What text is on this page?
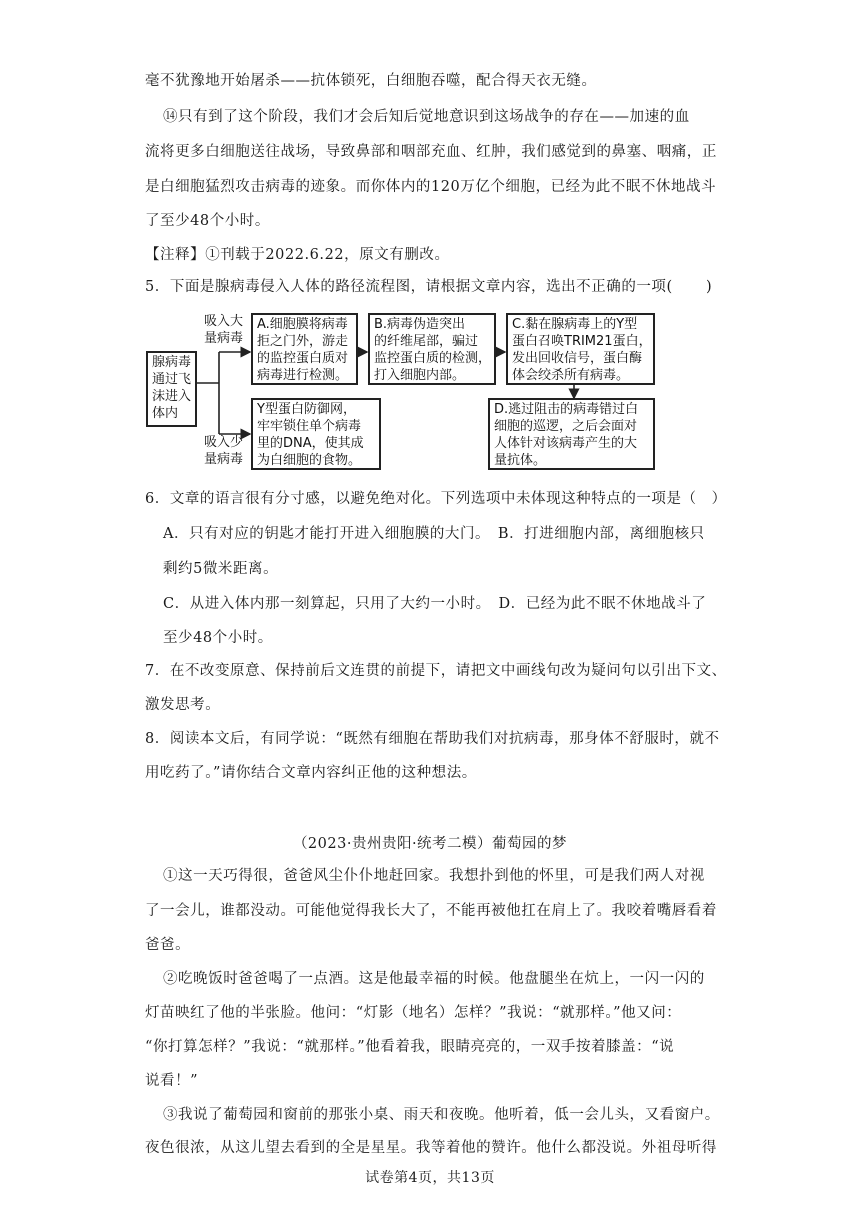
毫不犹豫地开始屠杀——抗体锁死，白细胞吞噬，配合得天衣无缝。
⑭只有到了这个阶段，我们才会后知后觉地意识到这场战争的存在——加速的血
流将更多白细胞送往战场，导致鼻部和咽部充血、红肿，我们感觉到的鼻塞、咽痛，正
是白细胞猛烈攻击病毒的迹象。而你体内的120万亿个细胞，已经为此不眠不休地战斗
了至少48个小时。
【注释】①刊载于2022.6.22，原文有删改。
5．下面是腺病毒侵入人体的路径流程图，请根据文章内容，选出不正确的一项( )
腺病毒
通过飞
沫进入
体内
吸入大
量病毒
吸入少
量病毒
A.细胞膜将病毒
拒之门外，游走
的监控蛋白质对
病毒进行检测。
B.病毒伪造突出
的纤维尾部，骗过
监控蛋白质的检测，
打入细胞内部。
C.黏在腺病毒上的Y型
蛋白召唤TRIM21蛋白，
发出回收信号，蛋白酶
体会绞杀所有病毒。
Y型蛋白防御网，
牢牢锁住单个病毒
里的DNA，使其成
为白细胞的食物。
D.逃过阻击的病毒错过白
细胞的巡逻，之后会面对
人体针对该病毒产生的大
量抗体。
6．文章的语言很有分寸感，以避免绝对化。下列选项中未体现这种特点的一项是（　）
A．只有对应的钥匙才能打开进入细胞膜的大门。　B．打进细胞内部，离细胞核只
剩约5微米距离。
C．从进入体内那一刻算起，只用了大约一小时。　D．已经为此不眠不休地战斗了
至少48个小时。
7．在不改变原意、保持前后文连贯的前提下，请把文中画线句改为疑问句以引出下文、
激发思考。
8．阅读本文后，有同学说：“既然有细胞在帮助我们对抗病毒，那身体不舒服时，就不
用吃药了。”请你结合文章内容纠正他的这种想法。
（2023·贵州贵阳·统考二模）葡萄园的梦
①这一天巧得很，爸爸风尘仆仆地赶回家。我想扑到他的怀里，可是我们两人对视
了一会儿，谁都没动。可能他觉得我长大了，不能再被他扛在肩上了。我咬着嘴唇看着
爸爸。
②吃晚饭时爸爸喝了一点酒。这是他最幸福的时候。他盘腿坐在炕上，一闪一闪的
灯苗映红了他的半张脸。他问：“灯影（地名）怎样？”我说：“就那样。”他又问：
“你打算怎样？”我说：“就那样。”他看着我，眼睛亮亮的，一双手按着膝盖：“说
说看！”
③我说了葡萄园和窗前的那张小桌、雨天和夜晚。他听着，低一会儿头，又看窗户。
夜色很浓，从这儿望去看到的全是星星。我等着他的赞许。他什么都没说。外祖母听得
试卷第4页，共13页
